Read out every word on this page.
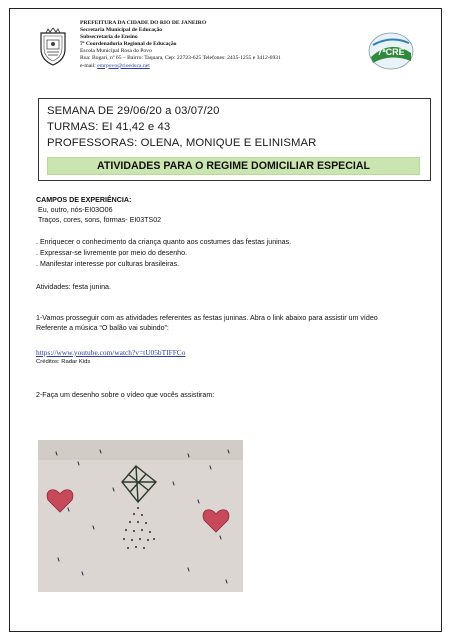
PREFEITURA DA CIDADE DO RIO DE JANEIRO
Secretaria Municipal de Educação
Subsecretaria de Ensino
7ª Coordenadoria Regional de Educação
Escola Municipal Rosa do Povo
Rua: Bogari, nº 65 – Bairro: Taquara, Cep: 22723-625 Telefones: 2435-1255 e 3412-6931
e-mail: emrpovo@rioeduca.net
7ªCRE
SEMANA DE 29/06/20 a 03/07/20
TURMAS: EI 41,42 e 43
PROFESSORAS: OLENA, MONIQUE E ELINISMAR
ATIVIDADES PARA O REGIME DOMICILIAR ESPECIAL
CAMPOS DE EXPERIÊNCIA:
Eu, outro, nós-EI03O06
Traços, cores, sons, formas- EI03TS02
. Enriquecer o conhecimento da criança quanto aos costumes das festas juninas.
. Expressar-se livremente por meio do desenho.
. Manifestar interesse por culturas brasileiras.
Atividades: festa junina.
1-Vamos prosseguir com as atividades referentes as festas juninas. Abra o link abaixo para assistir um vídeo
Referente a música “O balão vai subindo”:
https://www.youtube.com/watch?v=tU05bTIFFCo
Créditos: Radar Kids
2-Faça um desenho sobre o vídeo que vocês assistiram:
